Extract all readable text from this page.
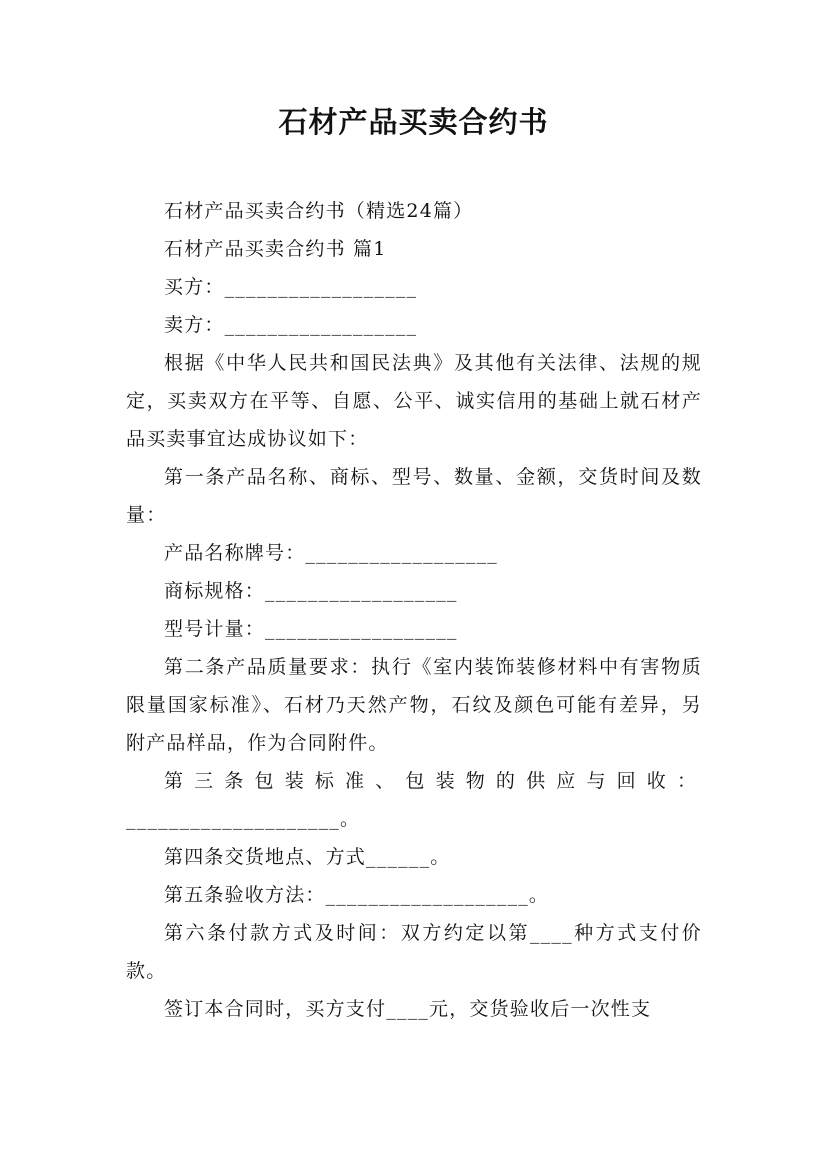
石材产品买卖合约书

石材产品买卖合约书（精选24篇）

石材产品买卖合约书 篇1

买方：__________________

卖方：__________________

根据《中华人民共和国民法典》及其他有关法律、法规的规定，买卖双方在平等、自愿、公平、诚实信用的基础上就石材产品买卖事宜达成协议如下：

第一条产品名称、商标、型号、数量、金额，交货时间及数量：

产品名称牌号：__________________

商标规格：__________________

型号计量：__________________

第二条产品质量要求：执行《室内装饰装修材料中有害物质限量国家标准》、石材乃天然产物，石纹及颜色可能有差异，另附产品样品，作为合同附件。

第三条包装标准、包装物的供应与回收：

____________________。

第四条交货地点、方式______。

第五条验收方法：___________________。

第六条付款方式及时间：双方约定以第____种方式支付价款。

签订本合同时，买方支付____元，交货验收后一次性支
